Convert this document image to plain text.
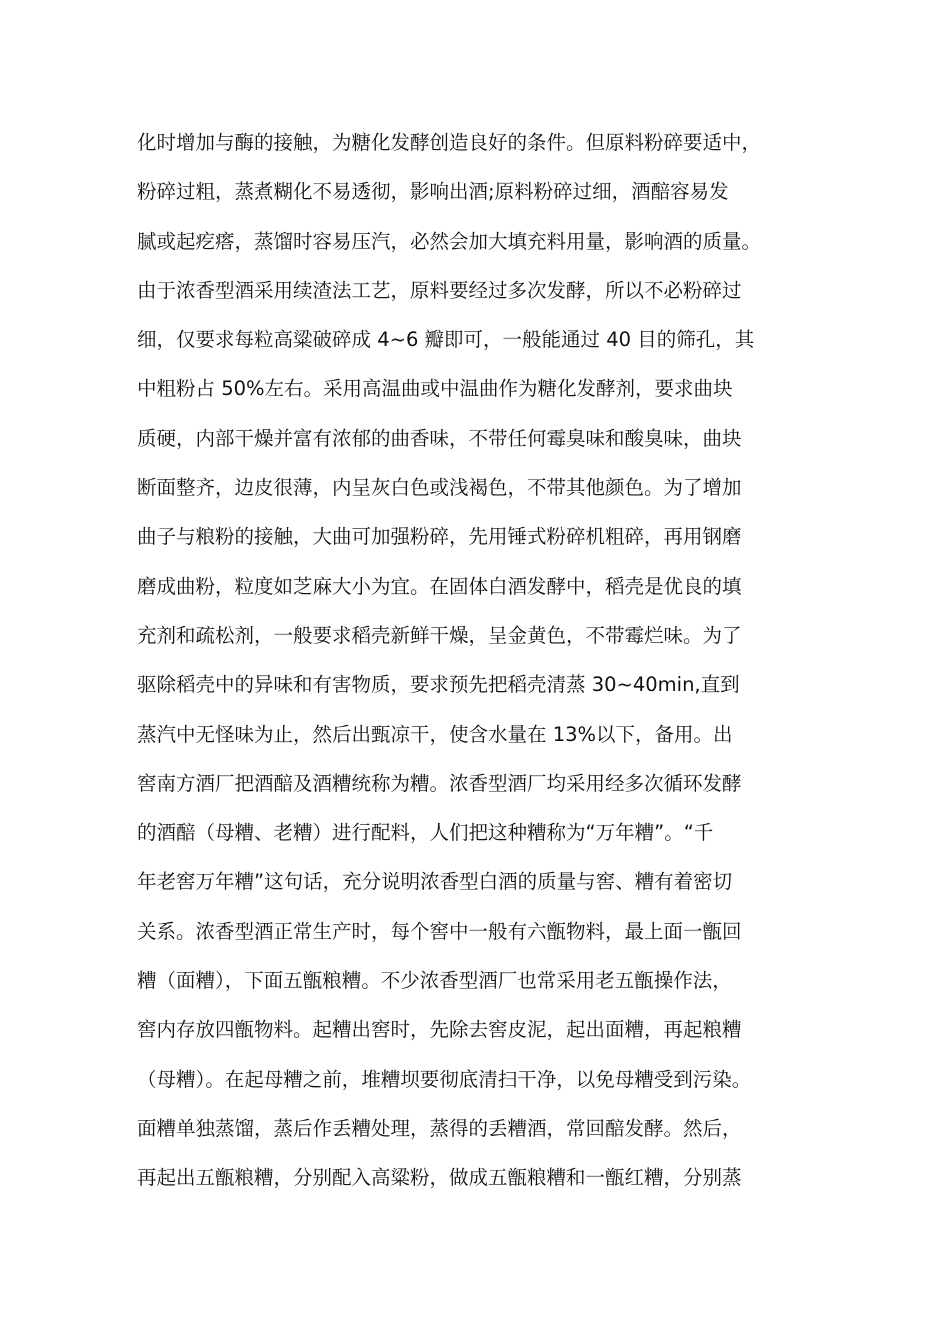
化时增加与酶的接触，为糖化发酵创造良好的条件。但原料粉碎要适中，
粉碎过粗，蒸煮糊化不易透彻，影响出酒;原料粉碎过细，酒醅容易发
腻或起疙瘩，蒸馏时容易压汽，必然会加大填充料用量，影响酒的质量。
由于浓香型酒采用续渣法工艺，原料要经过多次发酵，所以不必粉碎过
细，仅要求每粒高粱破碎成 4~6 瓣即可，一般能通过 40 目的筛孔，其
中粗粉占 50%左右。采用高温曲或中温曲作为糖化发酵剂，要求曲块
质硬，内部干燥并富有浓郁的曲香味，不带任何霉臭味和酸臭味，曲块
断面整齐，边皮很薄，内呈灰白色或浅褐色，不带其他颜色。为了增加
曲子与粮粉的接触，大曲可加强粉碎，先用锤式粉碎机粗碎，再用钢磨
磨成曲粉，粒度如芝麻大小为宜。在固体白酒发酵中，稻壳是优良的填
充剂和疏松剂，一般要求稻壳新鲜干燥，呈金黄色，不带霉烂味。为了
驱除稻壳中的异味和有害物质，要求预先把稻壳清蒸 30~40min,直到
蒸汽中无怪味为止，然后出甄凉干，使含水量在 13%以下，备用。出
窖南方酒厂把酒醅及酒糟统称为糟。浓香型酒厂均采用经多次循环发酵
的酒醅（母糟、老糟）进行配料，人们把这种糟称为“万年糟”。“千
年老窖万年糟”这句话，充分说明浓香型白酒的质量与窖、糟有着密切
关系。浓香型酒正常生产时，每个窖中一般有六甑物料，最上面一甑回
糟（面糟），下面五甑粮糟。不少浓香型酒厂也常采用老五甑操作法，
窖内存放四甑物料。起糟出窖时，先除去窖皮泥，起出面糟，再起粮糟
（母糟）。在起母糟之前，堆糟坝要彻底清扫干净，以免母糟受到污染。
面糟单独蒸馏，蒸后作丢糟处理，蒸得的丢糟酒，常回醅发酵。然后，
再起出五甑粮糟，分别配入高粱粉，做成五甑粮糟和一甑红糟，分别蒸
